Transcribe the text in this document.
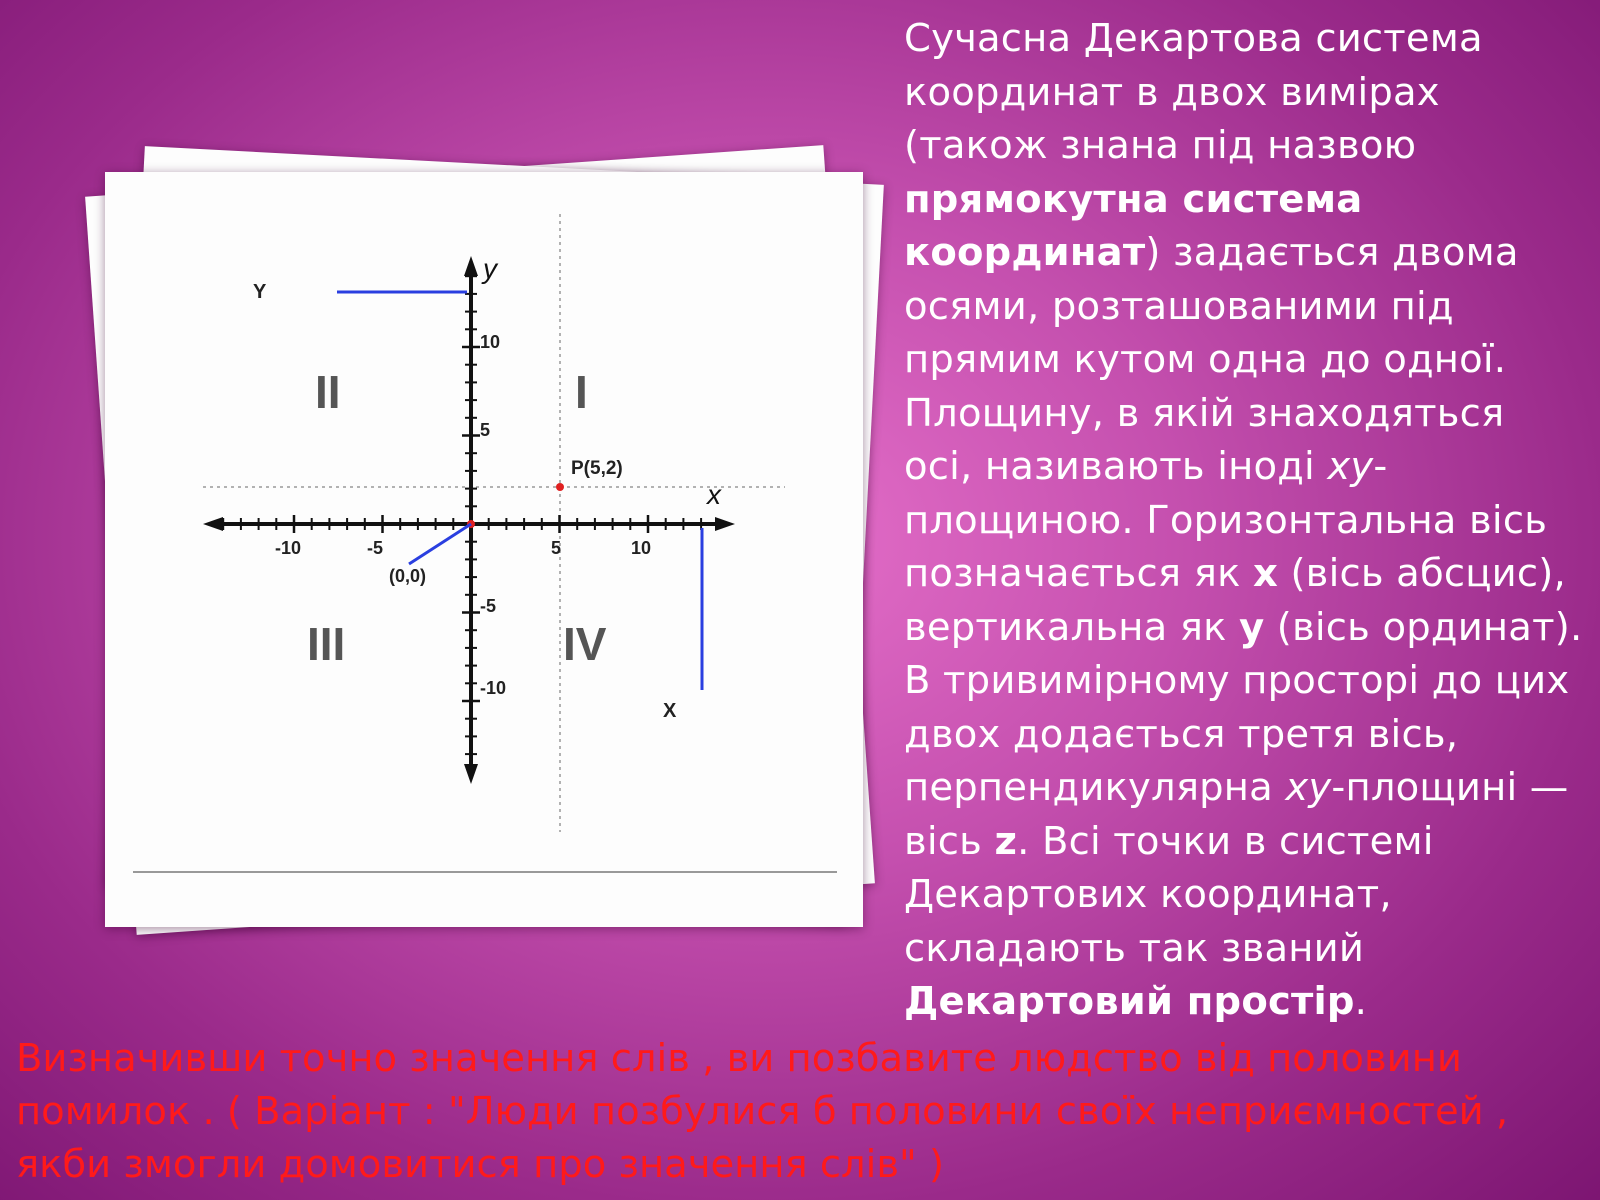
y
x
-10	-5	5	10
10
5
-5
-10
II	I
III	IV
P(5,2)
(0,0)
Y
X
Сучасна Декартова система
координат в двох вимірах
(також знана під назвою
прямокутна система
координат) задається двома
осями, розташованими під
прямим кутом одна до одної.
Площину, в якій знаходяться
осі, називають іноді xy-
площиною. Горизонтальна вісь
позначається як x (вісь абсцис),
вертикальна як y (вісь ординат).
В тривимірному просторі до цих
двох додається третя вісь,
перпендикулярна xy-площині —
вісь z. Всі точки в системі
Декартових координат,
складають так званий
Декартовий простір.
Визначивши точно значення слів , ви позбавите людство від половини
помилок . ( Варіант : "Люди позбулися б половини своїх неприємностей ,
якби змогли домовитися про значення слів" )
